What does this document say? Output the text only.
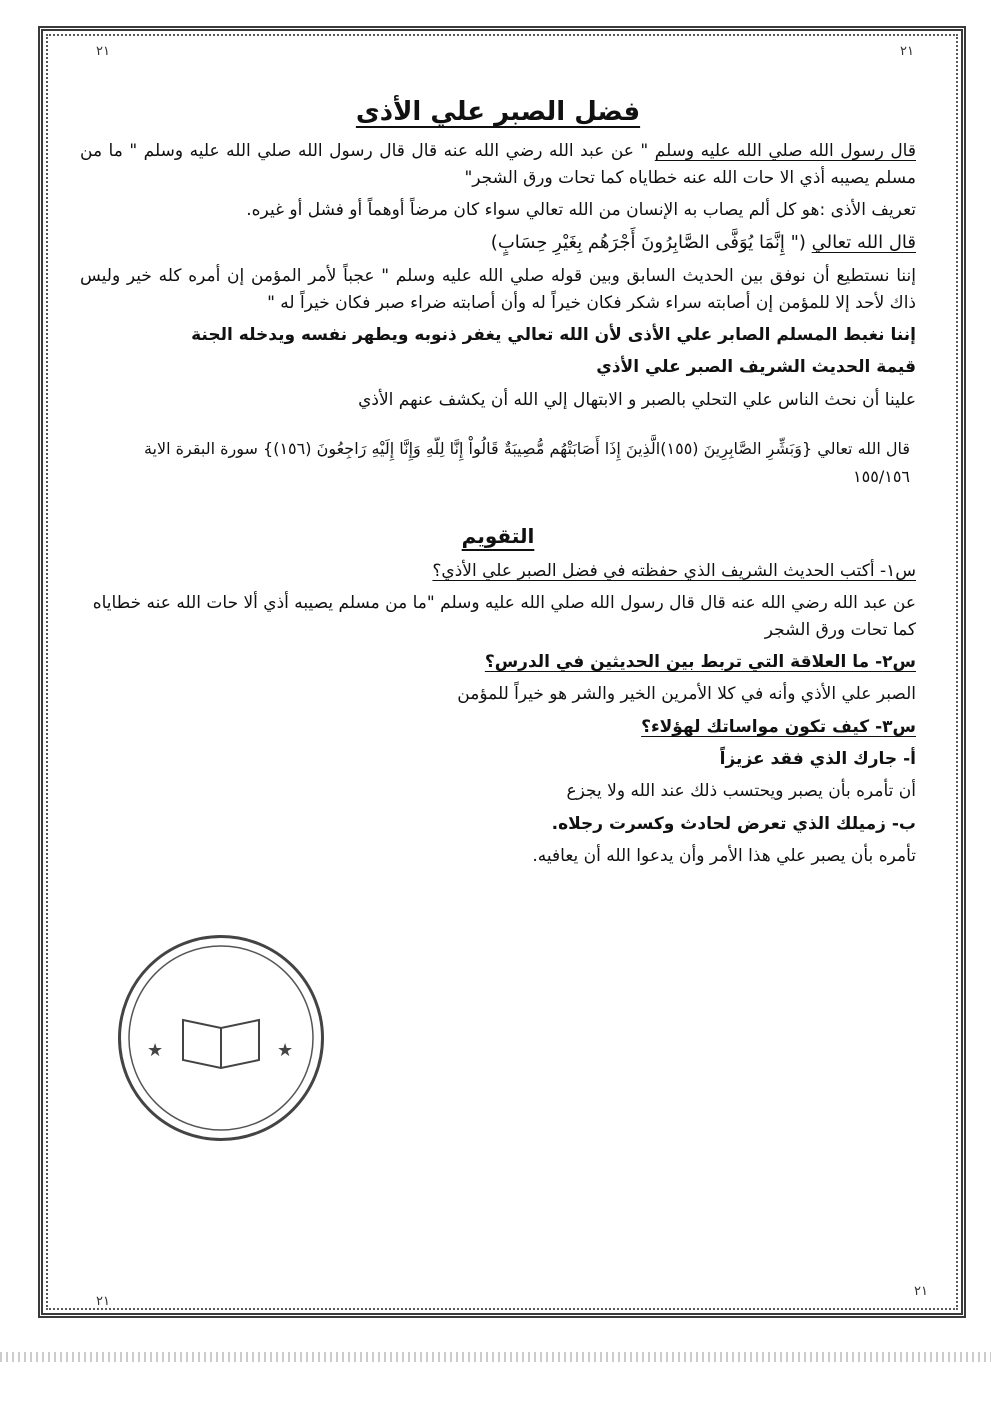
٢١	٢١
٢١
٢١
فضل الصبر علي الأذى
قال رسول الله صلي الله عليه وسلم " عن عبد الله رضي الله عنه قال قال رسول الله صلي الله عليه وسلم " ما من مسلم يصيبه أذي الا حات الله عنه خطاياه كما تحات ورق الشجر"
تعريف الأذى :هو كل ألم يصاب به الإنسان من الله تعالي سواء كان مرضاً أوهماً أو فشل أو غيره.
قال الله تعالي (" إِنَّمَا يُوَفَّى الصَّابِرُونَ أَجْرَهُم بِغَيْرِ حِسَابٍ)
إننا نستطيع أن نوفق بين الحديث السابق وبين قوله صلي الله عليه وسلم " عجباً لأمر المؤمن إن أمره كله خير وليس ذاك لأحد إلا للمؤمن إن أصابته سراء شكر فكان خيراً له وأن أصابته ضراء صبر فكان خيراً له "
إننا نغبط المسلم الصابر علي الأذى لأن الله تعالي يغفر ذنوبه ويطهر نفسه ويدخله الجنة
قيمة الحديث الشريف الصبر علي الأذي
علينا أن نحث الناس علي التحلي بالصبر و الابتهال إلي الله أن يكشف عنهم الأذي
قال الله تعالي {وَبَشِّرِ الصَّابِرِينَ (١٥٥)الَّذِينَ إِذَا أَصَابَتْهُم مُّصِيبَةٌ قَالُواْ إِنَّا لِلّهِ وَإِنَّا إِلَيْهِ رَاجِعُونَ (١٥٦)} سورة البقرة الاية ١٥٥/١٥٦
التقويم
س١- أكتب الحديث الشريف الذي حفظته في فضل الصبر علي الأذي؟
عن عبد الله رضي الله عنه قال قال رسول الله صلي الله عليه وسلم "ما من مسلم يصيبه أذي ألا حات الله عنه خطاياه كما تحات ورق الشجر
س٢- ما العلاقة التي تربط بين الحديثين في الدرس؟
الصبر علي الأذي وأنه في كلا الأمرين الخير والشر هو خيراً للمؤمن
س٣- كيف تكون مواساتك لهؤلاء؟
أ- جارك الذي فقد عزيزاً
أن تأمره بأن يصبر ويحتسب ذلك عند الله ولا يجزع
ب- زميلك الذي تعرض لحادث وكسرت رجلاه.
تأمره بأن يصبر علي هذا الأمر وأن يدعوا الله أن يعافيه.
★	★
